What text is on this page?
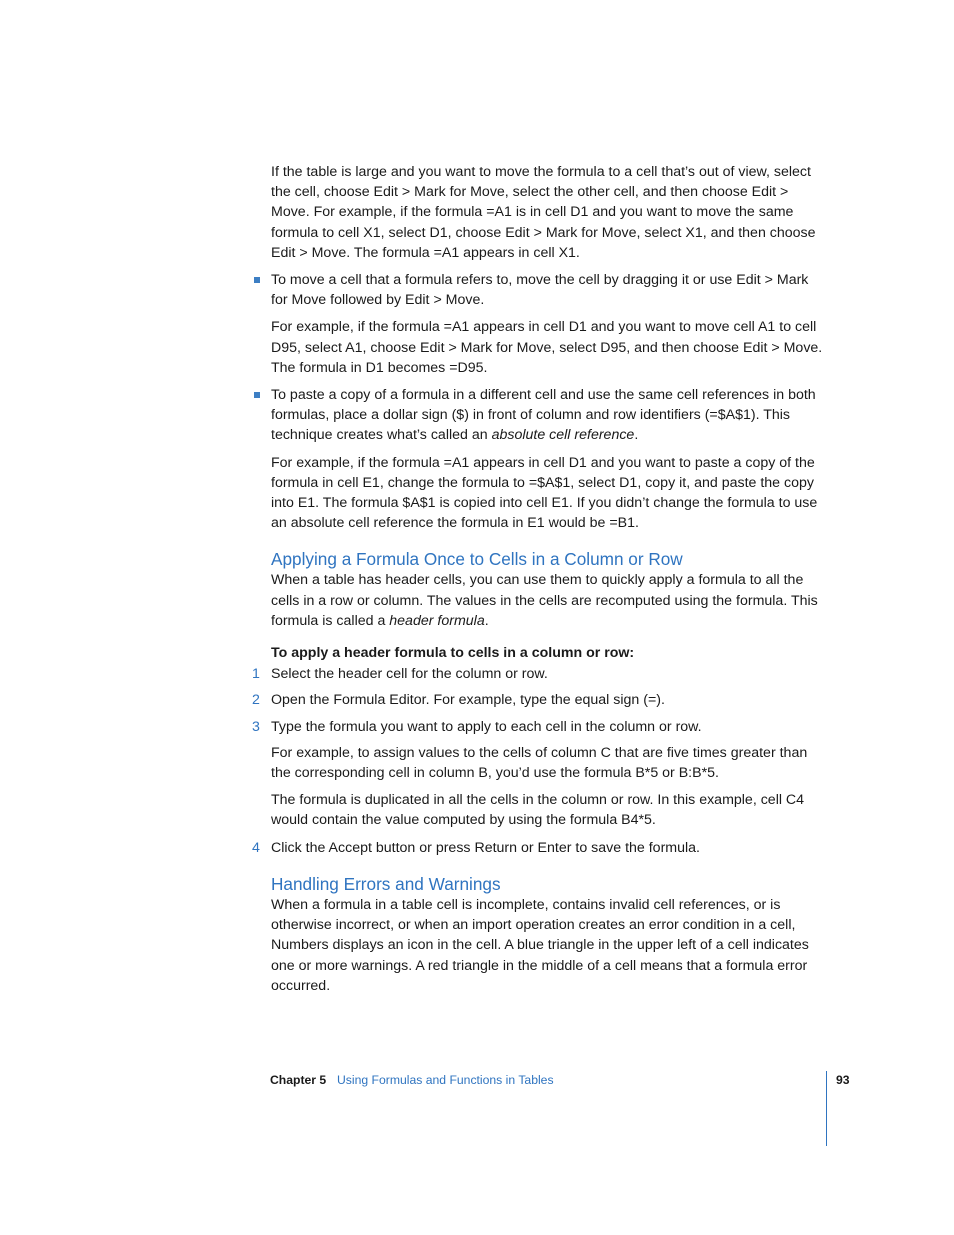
If the table is large and you want to move the formula to a cell that’s out of view, select the cell, choose Edit > Mark for Move, select the other cell, and then choose Edit > Move. For example, if the formula =A1 is in cell D1 and you want to move the same formula to cell X1, select D1, choose Edit > Mark for Move, select X1, and then choose Edit > Move. The formula =A1 appears in cell X1.

To move a cell that a formula refers to, move the cell by dragging it or use Edit > Mark for Move followed by Edit > Move.

For example, if the formula =A1 appears in cell D1 and you want to move cell A1 to cell D95, select A1, choose Edit > Mark for Move, select D95, and then choose Edit > Move. The formula in D1 becomes =D95.

To paste a copy of a formula in a different cell and use the same cell references in both formulas, place a dollar sign ($) in front of column and row identifiers (=$A$1). This technique creates what’s called an absolute cell reference.

For example, if the formula =A1 appears in cell D1 and you want to paste a copy of the formula in cell E1, change the formula to =$A$1, select D1, copy it, and paste the copy into E1. The formula $A$1 is copied into cell E1. If you didn’t change the formula to use an absolute cell reference the formula in E1 would be =B1.

Applying a Formula Once to Cells in a Column or Row

When a table has header cells, you can use them to quickly apply a formula to all the cells in a row or column. The values in the cells are recomputed using the formula. This formula is called a header formula.

To apply a header formula to cells in a column or row:

1 Select the header cell for the column or row.

2 Open the Formula Editor. For example, type the equal sign (=).

3 Type the formula you want to apply to each cell in the column or row.

For example, to assign values to the cells of column C that are five times greater than the corresponding cell in column B, you’d use the formula B*5 or B:B*5.

The formula is duplicated in all the cells in the column or row. In this example, cell C4 would contain the value computed by using the formula B4*5.

4 Click the Accept button or press Return or Enter to save the formula.

Handling Errors and Warnings

When a formula in a table cell is incomplete, contains invalid cell references, or is otherwise incorrect, or when an import operation creates an error condition in a cell, Numbers displays an icon in the cell. A blue triangle in the upper left of a cell indicates one or more warnings. A red triangle in the middle of a cell means that a formula error occurred.

Chapter 5 Using Formulas and Functions in Tables	93
